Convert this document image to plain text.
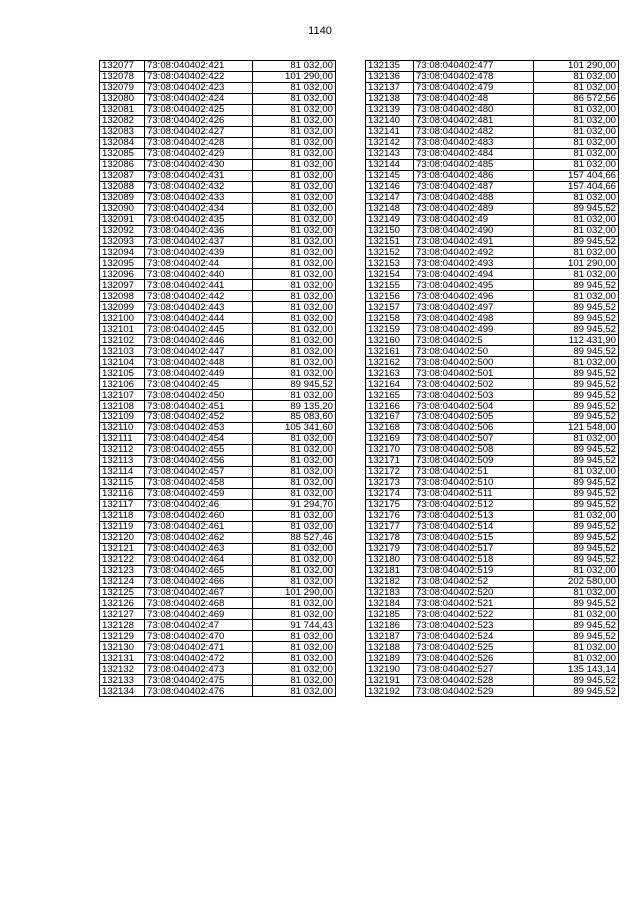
1140
132077	73:08:040402:421	81 032,00
132078	73:08:040402:422	101 290,00
132079	73:08:040402:423	81 032,00
132080	73:08:040402:424	81 032,00
132081	73:08:040402:425	81 032,00
132082	73:08:040402:426	81 032,00
132083	73:08:040402:427	81 032,00
132084	73:08:040402:428	81 032,00
132085	73:08:040402:429	81 032,00
132086	73:08:040402:430	81 032,00
132087	73:08:040402:431	81 032,00
132088	73:08:040402:432	81 032,00
132089	73:08:040402:433	81 032,00
132090	73:08:040402:434	81 032,00
132091	73:08:040402:435	81 032,00
132092	73:08:040402:436	81 032,00
132093	73:08:040402:437	81 032,00
132094	73:08:040402:439	81 032,00
132095	73:08:040402:44	81 032,00
132096	73:08:040402:440	81 032,00
132097	73:08:040402:441	81 032,00
132098	73:08:040402:442	81 032,00
132099	73:08:040402:443	81 032,00
132100	73:08:040402:444	81 032,00
132101	73:08:040402:445	81 032,00
132102	73:08:040402:446	81 032,00
132103	73:08:040402:447	81 032,00
132104	73:08:040402:448	81 032,00
132105	73:08:040402:449	81 032,00
132106	73:08:040402:45	89 945,52
132107	73:08:040402:450	81 032,00
132108	73:08:040402:451	89 135,20
132109	73:08:040402:452	85 083,60
132110	73:08:040402:453	105 341,60
132111	73:08:040402:454	81 032,00
132112	73:08:040402:455	81 032,00
132113	73:08:040402:456	81 032,00
132114	73:08:040402:457	81 032,00
132115	73:08:040402:458	81 032,00
132116	73:08:040402:459	81 032,00
132117	73:08:040402:46	91 294,70
132118	73:08:040402:460	81 032,00
132119	73:08:040402:461	81 032,00
132120	73:08:040402:462	88 527,46
132121	73:08:040402:463	81 032,00
132122	73:08:040402:464	81 032,00
132123	73:08:040402:465	81 032,00
132124	73:08:040402:466	81 032,00
132125	73:08:040402:467	101 290,00
132126	73:08:040402:468	81 032,00
132127	73:08:040402:469	81 032,00
132128	73:08:040402:47	91 744,43
132129	73:08:040402:470	81 032,00
132130	73:08:040402:471	81 032,00
132131	73:08:040402:472	81 032,00
132132	73:08:040402:473	81 032,00
132133	73:08:040402:475	81 032,00
132134	73:08:040402:476	81 032,00
132135	73:08:040402:477	101 290,00
132136	73:08:040402:478	81 032,00
132137	73:08:040402:479	81 032,00
132138	73:08:040402:48	86 572,56
132139	73:08:040402:480	81 032,00
132140	73:08:040402:481	81 032,00
132141	73:08:040402:482	81 032,00
132142	73:08:040402:483	81 032,00
132143	73:08:040402:484	81 032,00
132144	73:08:040402:485	81 032,00
132145	73:08:040402:486	157 404,66
132146	73:08:040402:487	157 404,66
132147	73:08:040402:488	81 032,00
132148	73:08:040402:489	89 945,52
132149	73:08:040402:49	81 032,00
132150	73:08:040402:490	81 032,00
132151	73:08:040402:491	89 945,52
132152	73:08:040402:492	81 032,00
132153	73:08:040402:493	101 290,00
132154	73:08:040402:494	81 032,00
132155	73:08:040402:495	89 945,52
132156	73:08:040402:496	81 032,00
132157	73:08:040402:497	89 945,52
132158	73:08:040402:498	89 945,52
132159	73:08:040402:499	89 945,52
132160	73:08:040402:5	112 431,90
132161	73:08:040402:50	89 945,52
132162	73:08:040402:500	81 032,00
132163	73:08:040402:501	89 945,52
132164	73:08:040402:502	89 945,52
132165	73:08:040402:503	89 945,52
132166	73:08:040402:504	89 945,52
132167	73:08:040402:505	89 945,52
132168	73:08:040402:506	121 548,00
132169	73:08:040402:507	81 032,00
132170	73:08:040402:508	89 945,52
132171	73:08:040402:509	89 945,52
132172	73:08:040402:51	81 032,00
132173	73:08:040402:510	89 945,52
132174	73:08:040402:511	89 945,52
132175	73:08:040402:512	89 945,52
132176	73:08:040402:513	81 032,00
132177	73:08:040402:514	89 945,52
132178	73:08:040402:515	89 945,52
132179	73:08:040402:517	89 945,52
132180	73:08:040402:518	89 945,52
132181	73:08:040402:519	81 032,00
132182	73:08:040402:52	202 580,00
132183	73:08:040402:520	81 032,00
132184	73:08:040402:521	89 945,52
132185	73:08:040402:522	81 032,00
132186	73:08:040402:523	89 945,52
132187	73:08:040402:524	89 945,52
132188	73:08:040402:525	81 032,00
132189	73:08:040402:526	81 032,00
132190	73:08:040402:527	135 143,14
132191	73:08:040402:528	89 945,52
132192	73:08:040402:529	89 945,52
